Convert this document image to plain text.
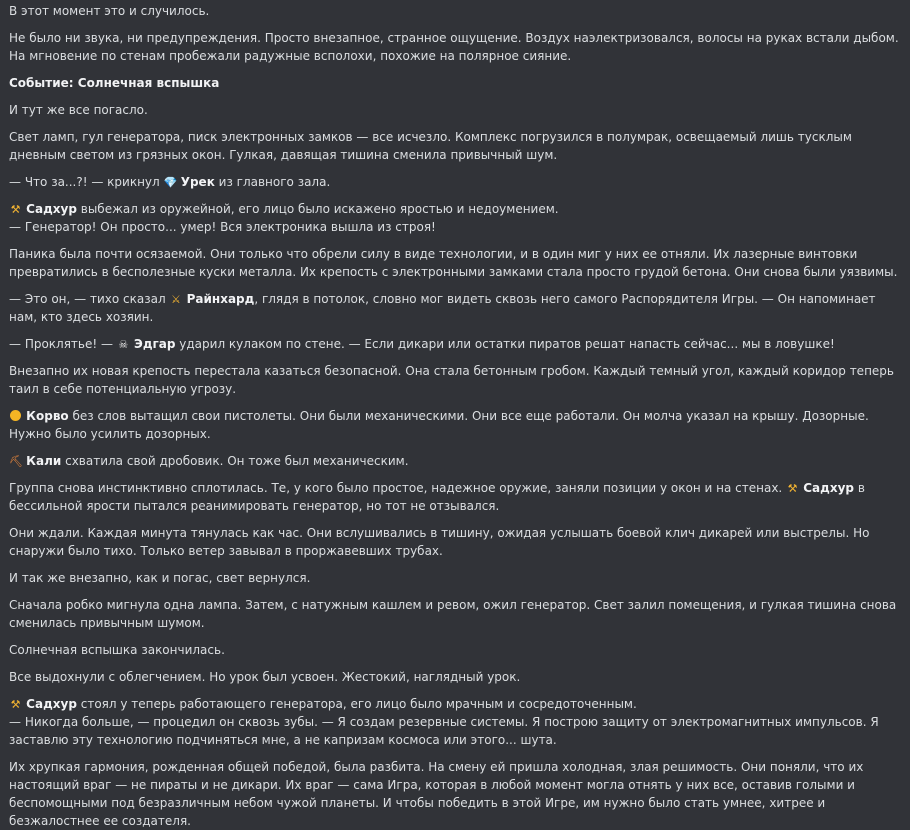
В этот момент это и случилось.
Не было ни звука, ни предупреждения. Просто внезапное, странное ощущение. Воздух наэлектризовался, волосы на руках встали дыбом. На мгновение по стенам пробежали радужные всполохи, похожие на полярное сияние.
Событие: Солнечная вспышка
И тут же все погасло.
Свет ламп, гул генератора, писк электронных замков — все исчезло. Комплекс погрузился в полумрак, освещаемый лишь тусклым дневным светом из грязных окон. Гулкая, давящая тишина сменила привычный шум.
— Что за...?! — крикнул 💎 Урек из главного зала.
⚒ Садхур выбежал из оружейной, его лицо было искажено яростью и недоумением.
— Генератор! Он просто... умер! Вся электроника вышла из строя!
Паника была почти осязаемой. Они только что обрели силу в виде технологии, и в один миг у них ее отняли. Их лазерные винтовки превратились в бесполезные куски металла. Их крепость с электронными замками стала просто грудой бетона. Они снова были уязвимы.
— Это он, — тихо сказал ⚔ Райнхард, глядя в потолок, словно мог видеть сквозь него самого Распорядителя Игры. — Он напоминает нам, кто здесь хозяин.
— Проклятье! — ☠ Эдгар ударил кулаком по стене. — Если дикари или остатки пиратов решат напасть сейчас... мы в ловушке!
Внезапно их новая крепость перестала казаться безопасной. Она стала бетонным гробом. Каждый темный угол, каждый коридор теперь таил в себе потенциальную угрозу.
Корво без слов вытащил свои пистолеты. Они были механическими. Они все еще работали. Он молча указал на крышу. Дозорные. Нужно было усилить дозорных.
⛏ Кали схватила свой дробовик. Он тоже был механическим.
Группа снова инстинктивно сплотилась. Те, у кого было простое, надежное оружие, заняли позиции у окон и на стенах. ⚒ Садхур в бессильной ярости пытался реанимировать генератор, но тот не отзывался.
Они ждали. Каждая минута тянулась как час. Они вслушивались в тишину, ожидая услышать боевой клич дикарей или выстрелы. Но снаружи было тихо. Только ветер завывал в проржавевших трубах.
И так же внезапно, как и погас, свет вернулся.
Сначала робко мигнула одна лампа. Затем, с натужным кашлем и ревом, ожил генератор. Свет залил помещения, и гулкая тишина снова сменилась привычным шумом.
Солнечная вспышка закончилась.
Все выдохнули с облегчением. Но урок был усвоен. Жестокий, наглядный урок.
⚒ Садхур стоял у теперь работающего генератора, его лицо было мрачным и сосредоточенным.
— Никогда больше, — процедил он сквозь зубы. — Я создам резервные системы. Я построю защиту от электромагнитных импульсов. Я заставлю эту технологию подчиняться мне, а не капризам космоса или этого... шута.
Их хрупкая гармония, рожденная общей победой, была разбита. На смену ей пришла холодная, злая решимость. Они поняли, что их настоящий враг — не пираты и не дикари. Их враг — сама Игра, которая в любой момент могла отнять у них все, оставив голыми и беспомощными под безразличным небом чужой планеты. И чтобы победить в этой Игре, им нужно было стать умнее, хитрее и безжалостнее ее создателя.
